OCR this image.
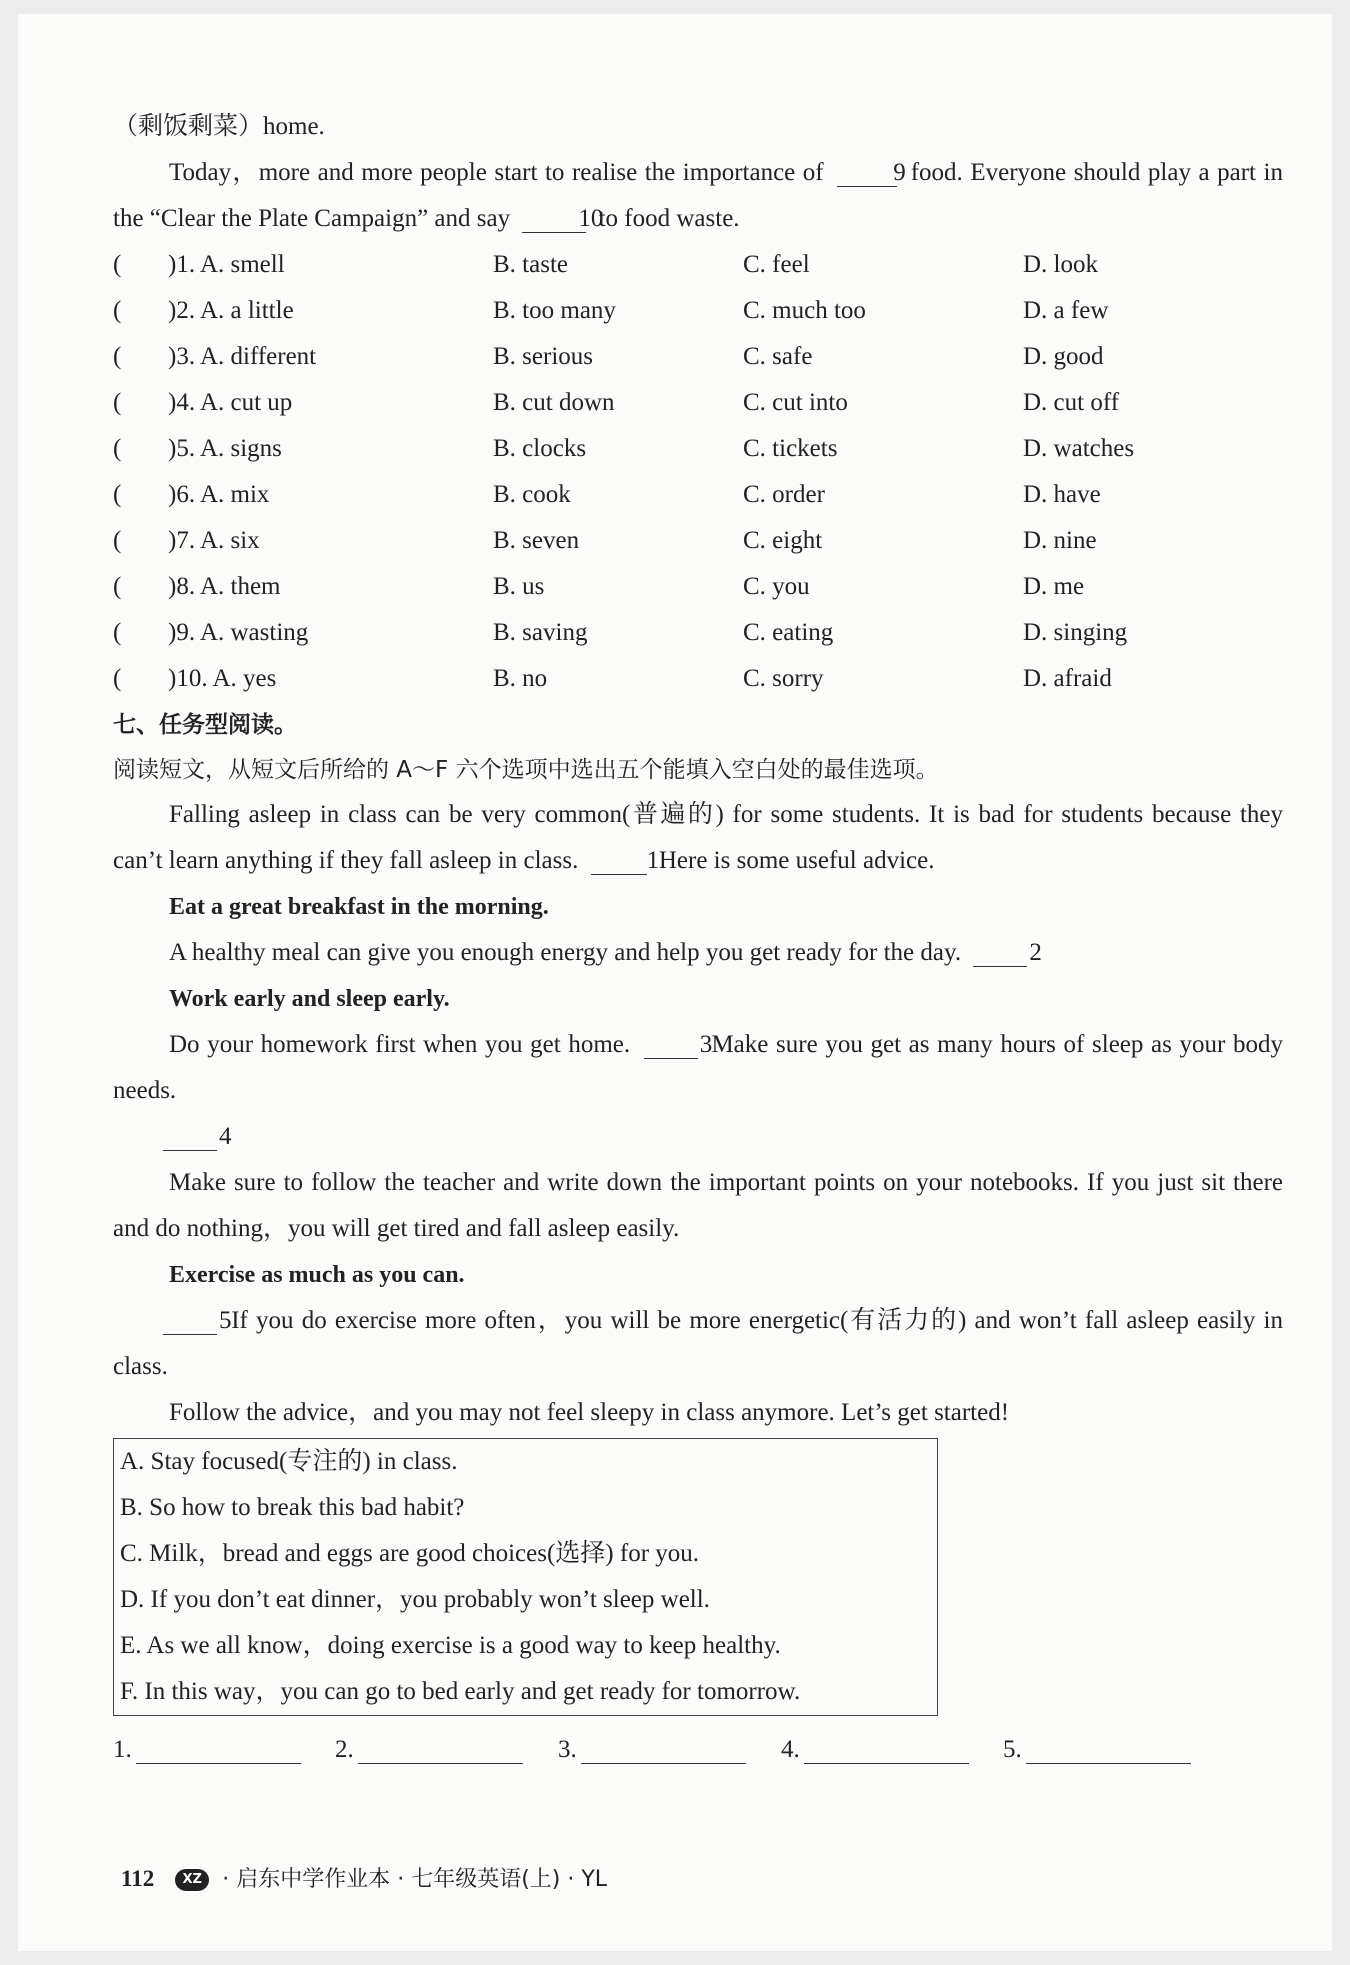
（剩饭剩菜）home.

Today，more and more people start to realise the importance of	9 food. Everyone should play a part in the “Clear the Plate Campaign” and say	10 to food waste.

( )1. A. smell	B. taste	C. feel	D. look
( )2. A. a little	B. too many	C. much too	D. a few
( )3. A. different	B. serious	C. safe	D. good
( )4. A. cut up	B. cut down	C. cut into	D. cut off
( )5. A. signs	B. clocks	C. tickets	D. watches
( )6. A. mix	B. cook	C. order	D. have
( )7. A. six	B. seven	C. eight	D. nine
( )8. A. them	B. us	C. you	D. me
( )9. A. wasting	B. saving	C. eating	D. singing
( )10. A. yes	B. no	C. sorry	D. afraid

七、任务型阅读。

阅读短文，从短文后所给的 A～F 六个选项中选出五个能填入空白处的最佳选项。

Falling asleep in class can be very common(普遍的) for some students. It is bad for students because they can’t learn anything if they fall asleep in class.	1 Here is some useful advice.

Eat a great breakfast in the morning.

A healthy meal can give you enough energy and help you get ready for the day.	2

Work early and sleep early.

Do your homework first when you get home.	3 Make sure you get as many hours of sleep as your body needs.

4

Make sure to follow the teacher and write down the important points on your notebooks. If you just sit there and do nothing，you will get tired and fall asleep easily.

Exercise as much as you can.

5 If you do exercise more often，you will be more energetic(有活力的) and won’t fall asleep easily in class.

Follow the advice，and you may not feel sleepy in class anymore. Let’s get started!

A. Stay focused(专注的) in class.

B. So how to break this bad habit?

C. Milk，bread and eggs are good choices(选择) for you.

D. If you don’t eat dinner，you probably won’t sleep well.

E. As we all know，doing exercise is a good way to keep healthy.

F. In this way，you can go to bed early and get ready for tomorrow.

1.	2.	3.	4.	5.
112 XZ · 启东中学作业本 · 七年级英语(上) · YL
